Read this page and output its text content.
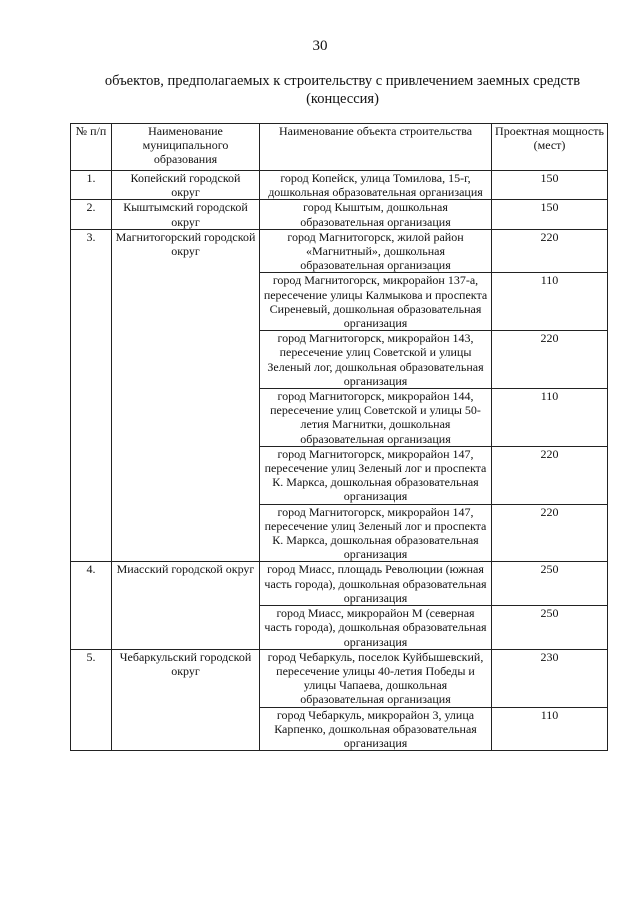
30
объектов, предполагаемых к строительству с привлечением заемных средств
(концессия)
№ п/п	Наименование муниципального образования	Наименование объекта строительства	Проектная мощность (мест)
1.	Копейский городской округ	город Копейск, улица Томилова, 15-г, дошкольная образовательная организация	150
2.	Кыштымский городской округ	город Кыштым, дошкольная образовательная организация	150
3.	Магнитогорский городской округ	город Магнитогорск, жилой район «Магнитный», дошкольная образовательная организация	220
		город Магнитогорск, микрорайон 137-а, пересечение улицы Калмыкова и проспекта Сиреневый, дошкольная образовательная организация	110
		город Магнитогорск, микрорайон 143, пересечение улиц Советской и улицы Зеленый лог, дошкольная образовательная организация	220
		город Магнитогорск, микрорайон 144, пересечение улиц Советской и улицы 50-летия Магнитки, дошкольная образовательная организация	110
		город Магнитогорск, микрорайон 147, пересечение улиц Зеленый лог и проспекта К. Маркса, дошкольная образовательная организация	220
		город Магнитогорск, микрорайон 147, пересечение улиц Зеленый лог и проспекта К. Маркса, дошкольная образовательная организация	220
4.	Миасский городской округ	город Миасс, площадь Революции (южная часть города), дошкольная образовательная организация	250
		город Миасс, микрорайон М (северная часть города), дошкольная образовательная организация	250
5.	Чебаркульский городской округ	город Чебаркуль, поселок Куйбышевский, пересечение улицы 40-летия Победы и улицы Чапаева, дошкольная образовательная организация	230
		город Чебаркуль, микрорайон 3, улица Карпенко, дошкольная образовательная организация	110
